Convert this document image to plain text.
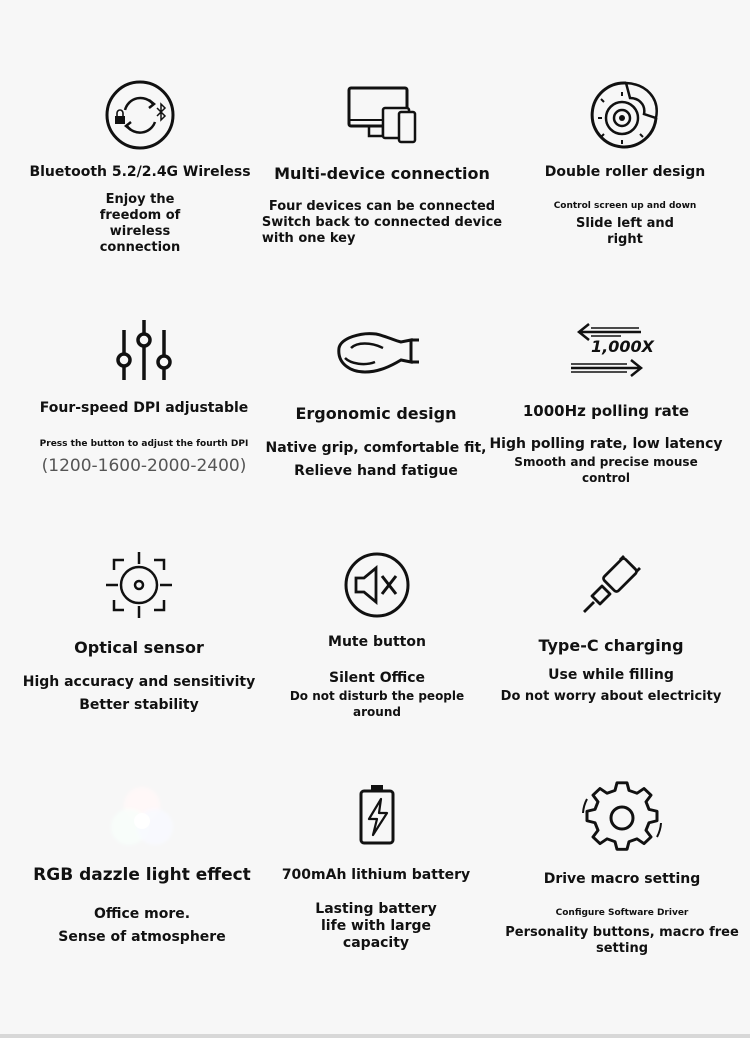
Bluetooth 5.2/2.4G Wireless
Enjoy the
freedom of
wireless
connection
Multi-device connection
Four devices can be connected
Switch back to connected device
with one key
Double roller design
Control screen up and down
Slide left and
right
Four-speed DPI adjustable
Press the button to adjust the fourth DPI
(1200-1600-2000-2400)
Ergonomic design
Native grip, comfortable fit,
Relieve hand fatigue
1,000X
1000Hz polling rate
High polling rate, low latency
Smooth and precise mouse
control
Optical sensor
High accuracy and sensitivity
Better stability
Mute button
Silent Office
Do not disturb the people
around
Type-C charging
Use while filling
Do not worry about electricity
RGB dazzle light effect
Office more.
Sense of atmosphere
700mAh lithium battery
Lasting battery
life with large
capacity
Drive macro setting
Configure Software Driver
Personality buttons, macro free
setting
